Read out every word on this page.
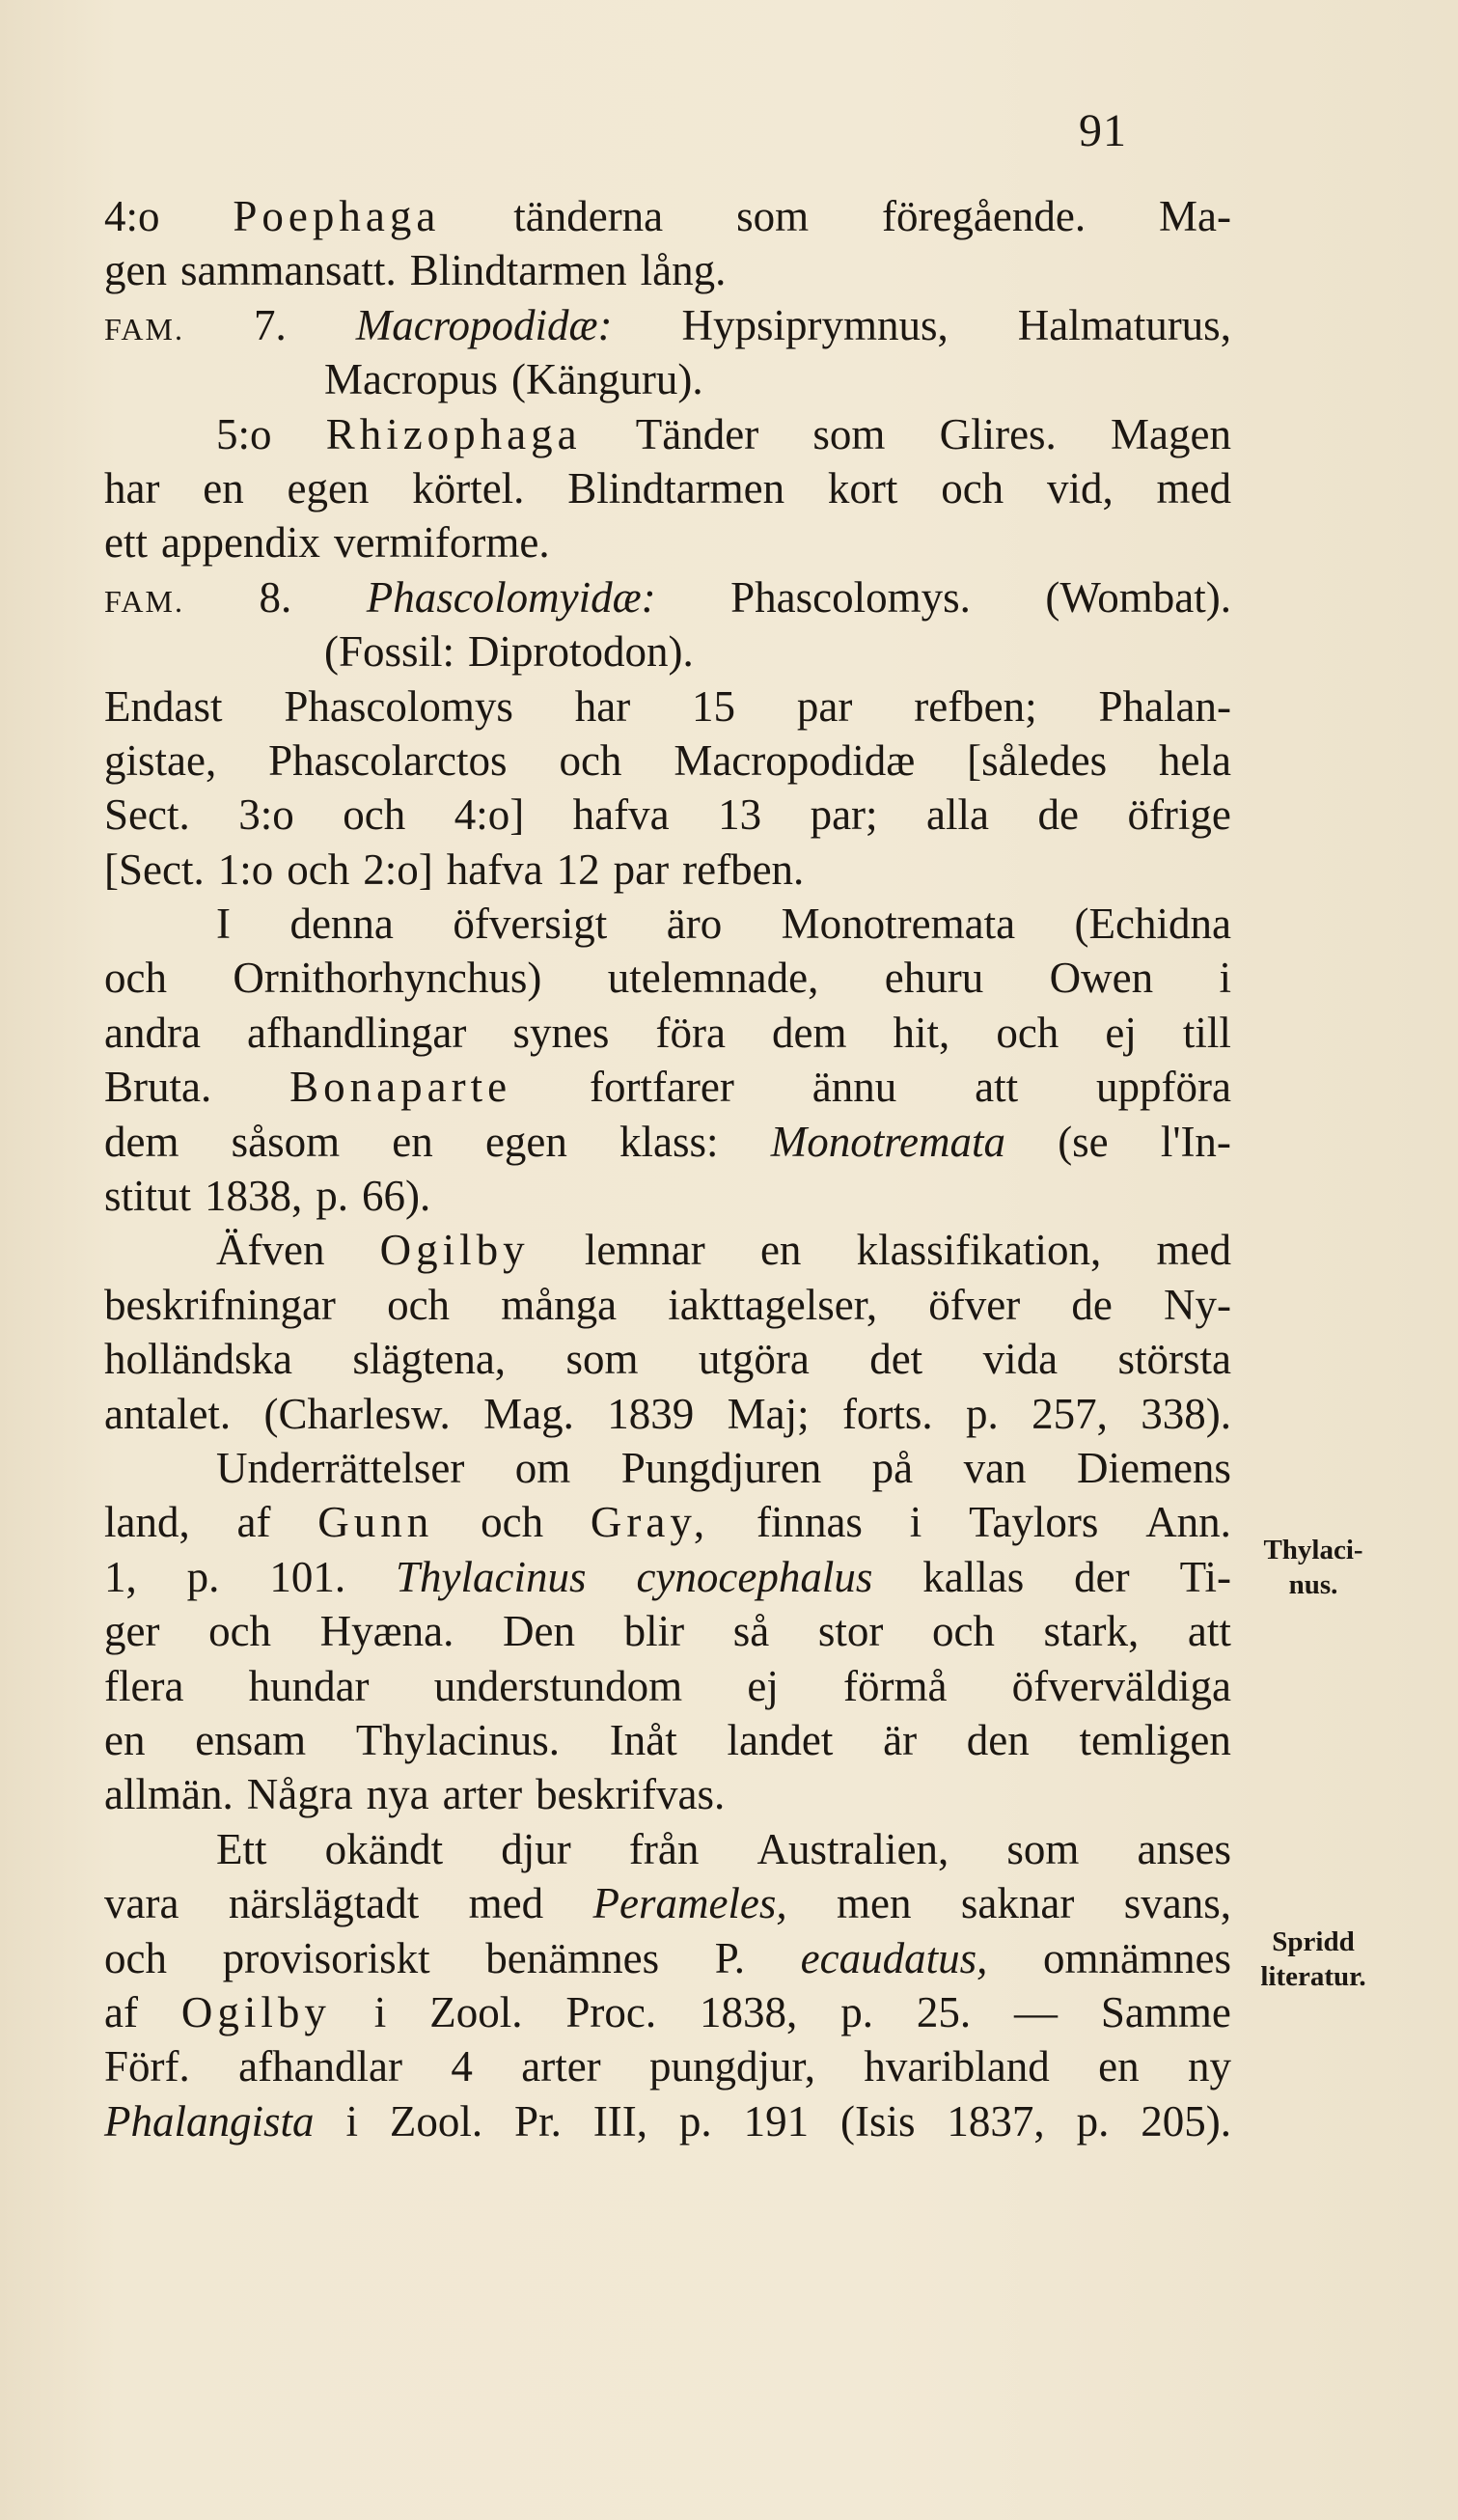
91
4:o Poephaga tänderna som föregående. Ma-
gen sammansatt. Blindtarmen lång.
FAM. 7. Macropodidæ: Hypsiprymnus, Halmaturus,
Macropus (Känguru).
5:o Rhizophaga Tänder som Glires. Magen
har en egen körtel. Blindtarmen kort och vid, med
ett appendix vermiforme.
FAM. 8. Phascolomyidæ: Phascolomys. (Wombat).
(Fossil: Diprotodon).
Endast Phascolomys har 15 par refben; Phalan-
gistae, Phascolarctos och Macropodidæ [således hela
Sect. 3:o och 4:o] hafva 13 par; alla de öfrige
[Sect. 1:o och 2:o] hafva 12 par refben.
I denna öfversigt äro Monotremata (Echidna
och Ornithorhynchus) utelemnade, ehuru Owen i
andra afhandlingar synes föra dem hit, och ej till
Bruta. Bonaparte fortfarer ännu att uppföra
dem såsom en egen klass: Monotremata (se l'In-
stitut 1838, p. 66).
Äfven Ogilby lemnar en klassifikation, med
beskrifningar och många iakttagelser, öfver de Ny-
holländska slägtena, som utgöra det vida största
antalet. (Charlesw. Mag. 1839 Maj; forts. p. 257, 338).
Underrättelser om Pungdjuren på van Diemens
land, af Gunn och Gray, finnas i Taylors Ann.
1, p. 101. Thylacinus cynocephalus kallas der Ti-
ger och Hyæna. Den blir så stor och stark, att
flera hundar understundom ej förmå öfverväldiga
en ensam Thylacinus. Inåt landet är den temligen
allmän. Några nya arter beskrifvas.
Ett okändt djur från Australien, som anses
vara närslägtadt med Perameles, men saknar svans,
och provisoriskt benämnes P. ecaudatus, omnämnes
af Ogilby i Zool. Proc. 1838, p. 25. — Samme
Förf. afhandlar 4 arter pungdjur, hvaribland en ny
Phalangista i Zool. Pr. III, p. 191 (Isis 1837, p. 205).
Thylaci-
nus.
Spridd
literatur.
